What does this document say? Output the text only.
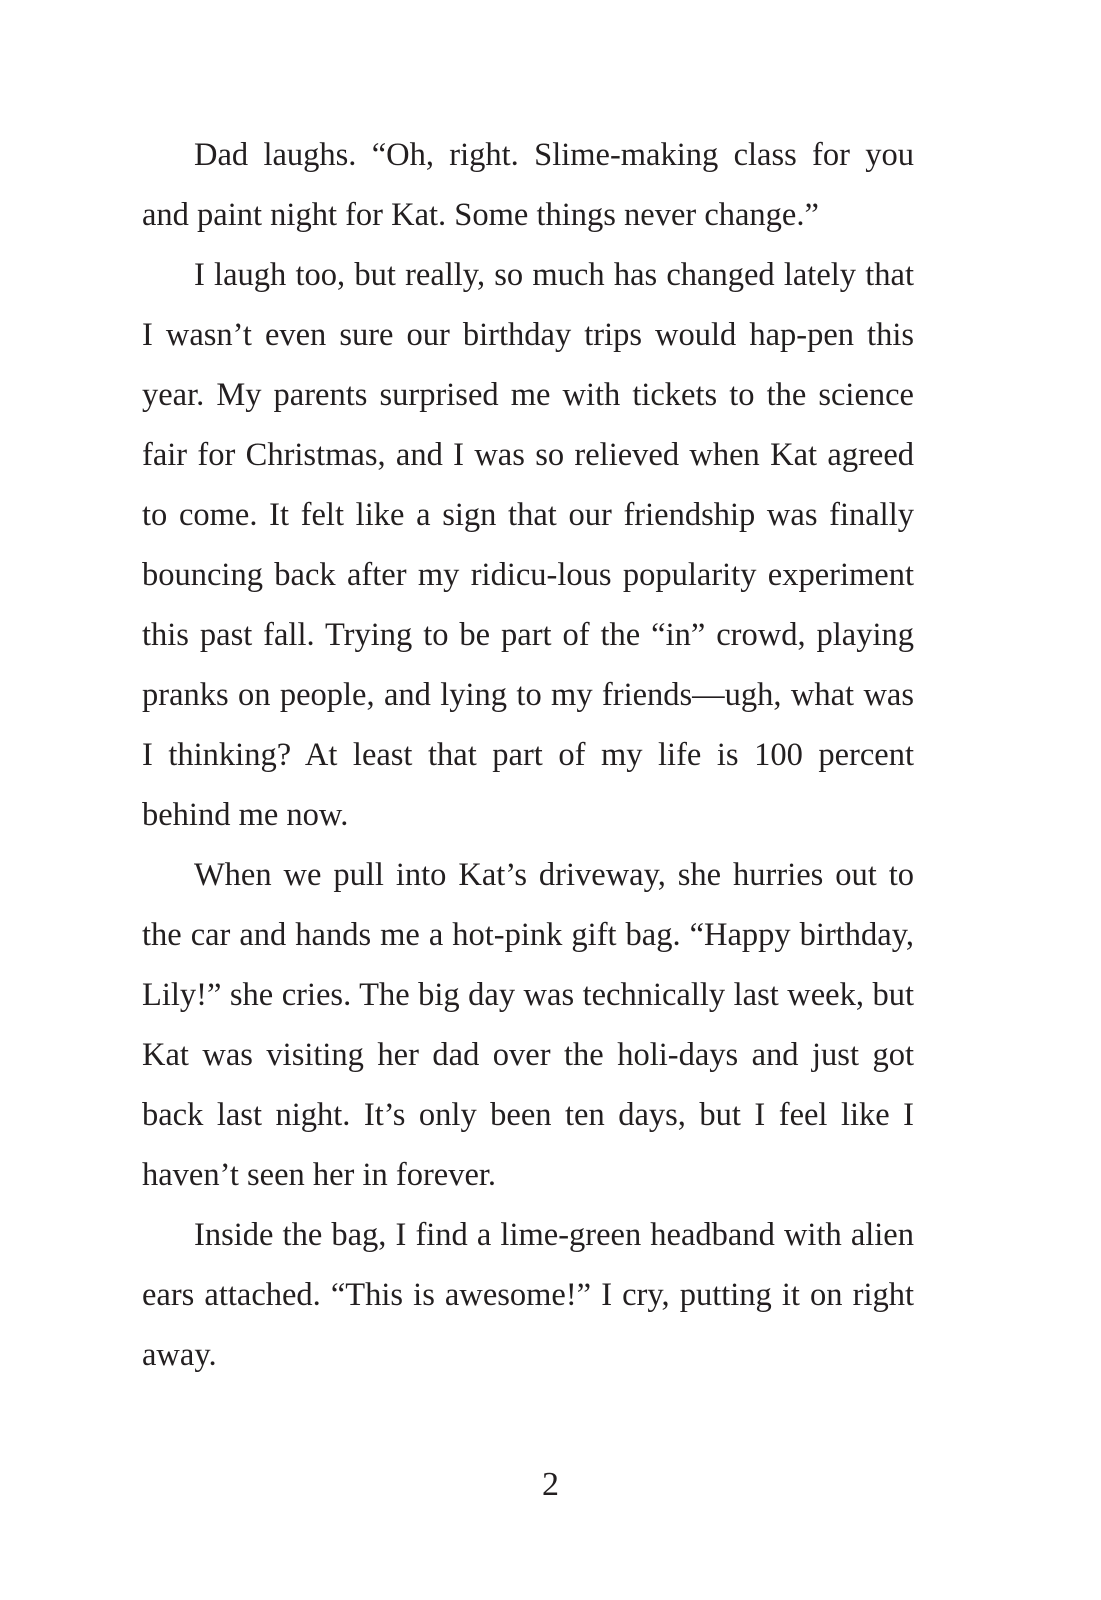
Dad laughs. “Oh, right. Slime-making class for you and paint night for Kat. Some things never change.”

I laugh too, but really, so much has changed lately that I wasn’t even sure our birthday trips would hap-pen this year. My parents surprised me with tickets to the science fair for Christmas, and I was so relieved when Kat agreed to come. It felt like a sign that our friendship was finally bouncing back after my ridicu-lous popularity experiment this past fall. Trying to be part of the “in” crowd, playing pranks on people, and lying to my friends—ugh, what was I thinking? At least that part of my life is 100 percent behind me now.

When we pull into Kat’s driveway, she hurries out to the car and hands me a hot-pink gift bag. “Happy birthday, Lily!” she cries. The big day was technically last week, but Kat was visiting her dad over the holi-days and just got back last night. It’s only been ten days, but I feel like I haven’t seen her in forever.

Inside the bag, I find a lime-green headband with alien ears attached. “This is awesome!” I cry, putting it on right away.

2
